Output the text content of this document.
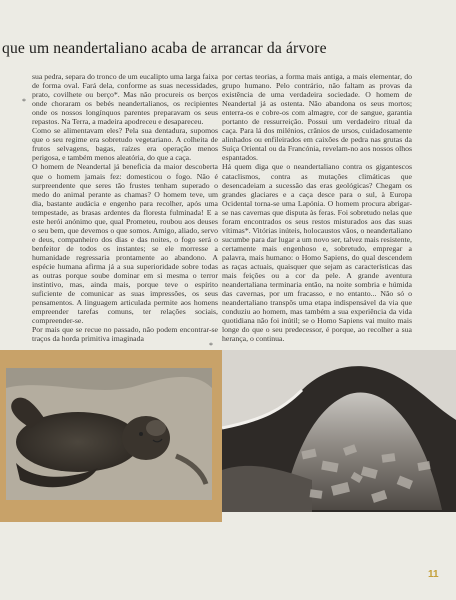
que um neandertaliano acaba de arrancar da árvore
*
*

sua pedra, separa do tronco de um eucalipto uma larga faixa de forma oval. Fará dela, conforme as suas necessidades, prato, covilhete ou berço*. Mas não procureis os berços onde choraram os bebés neandertalianos, os recipientes onde os nossos longínquos parentes preparavam os seus repastos. Na Terra, a madeira apodreceu e desapareceu.

Como se alimentavam eles? Pela sua dentadura, supomos que o seu regime era sobretudo vegetariano. A colheita de frutos selvagens, bagas, raízes era operação menos perigosa, e também menos aleatória, do que a caça.

O homem de Neandertal já beneficia da maior descoberta que o homem jamais fez: domesticou o fogo. Não é surpreendente que seres tão frustes tenham superado o medo do animal perante as chamas? O homem teve, um dia, bastante audácia e engenho para recolher, após uma tempestade, as brasas ardentes da floresta fulminada! E a este herói anónimo que, qual Prometeu, roubou aos deuses o seu bem, que devemos o que somos. Amigo, aliado, servo e deus, companheiro dos dias e das noites, o fogo será o benfeitor de todos os instantes; se ele morresse a humanidade regressaria prontamente ao abandono. A espécie humana afirma já a sua superioridade sobre todas as outras porque soube dominar em si mesma o terror instintivo, mas, ainda mais, porque teve o espírito suficiente de comunicar as suas impressões, os seus pensamentos. A linguagem articulada permite aos homens empreender tarefas comuns, ter relações sociais, compreender-se.

Por mais que se recue no passado, não podem encontrar-se traços da horda primitiva imaginada

por certas teorias, a forma mais antiga, a mais elementar, do grupo humano. Pelo contrário, não faltam as provas da existência de uma verdadeira sociedade. O homem de Neandertal já as ostenta. Não abandona os seus mortos; enterra-os e cobre-os com almagre, cor de sangue, garantia portanto de ressurreição. Possui um verdadeiro ritual da caça. Para lá dos milénios, crânios de ursos, cuidadosamente alinhados ou enfileirados em caixões de pedra nas grutas da Suíça Oriental ou da Francónia, revelam-no aos nossos olhos espantados.

Há quem diga que o neandertaliano contra os gigantescos cataclismos, contra as mutações climáticas que desencadeiam a sucessão das eras geológicas? Chegam os grandes glaciares e a caça desce para o sul, à Europa Ocidental torna-se uma Lapónia. O homem procura abrigar-se nas cavernas que disputa às feras. Foi sobretudo nelas que foram encontrados os seus restos misturados aos das suas vítimas*. Vitórias inúteis, holocaustos vãos, o neandertaliano sucumbe para dar lugar a um novo ser, talvez mais resistente, certamente mais engenhoso e, sobretudo, empregar a palavra, mais humano: o Homo Sapiens, do qual descendem as raças actuais, quaisquer que sejam as características das mais feições ou a cor da pele. A grande aventura neandertaliana terminaria então, na noite sombria e húmida das cavernas, por um fracasso, e no entanto... Não só o neandertaliano transpôs uma etapa indispensável da via que conduziu ao homem, mas também a sua experiência da vida quotidiana não foi inútil; se o Homo Sapiens vai muito mais longe do que o seu predecessor, é porque, ao recolher a sua herança, o continua.

11
